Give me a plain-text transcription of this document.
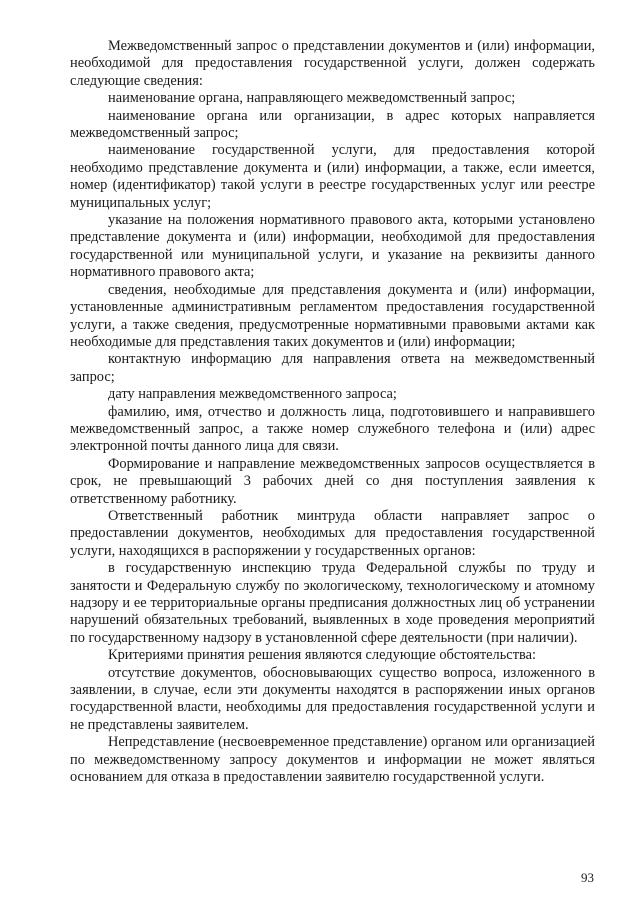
Межведомственный запрос о представлении документов и (или) информации, необходимой для предоставления государственной услуги, должен содержать следующие сведения:

наименование органа, направляющего межведомственный запрос;

наименование органа или организации, в адрес которых направляется межведомственный запрос;

наименование государственной услуги, для предоставления которой необходимо представление документа и (или) информации, а также, если имеется, номер (идентификатор) такой услуги в реестре государственных услуг или реестре муниципальных услуг;

указание на положения нормативного правового акта, которыми установлено представление документа и (или) информации, необходимой для предоставления государственной или муниципальной услуги, и указание на реквизиты данного нормативного правового акта;

сведения, необходимые для представления документа и (или) информации, установленные административным регламентом предоставления государственной услуги, а также сведения, предусмотренные нормативными правовыми актами как необходимые для представления таких документов и (или) информации;

контактную информацию для направления ответа на межведомственный запрос;

дату направления межведомственного запроса;

фамилию, имя, отчество и должность лица, подготовившего и направившего межведомственный запрос, а также номер служебного телефона и (или) адрес электронной почты данного лица для связи.

Формирование и направление межведомственных запросов осуществляется в срок, не превышающий 3 рабочих дней со дня поступления заявления к ответственному работнику.

Ответственный работник минтруда области направляет запрос о предоставлении документов, необходимых для предоставления государственной услуги, находящихся в распоряжении у государственных органов:

в государственную инспекцию труда Федеральной службы по труду и занятости и Федеральную службу по экологическому, технологическому и атомному надзору и ее территориальные органы предписания должностных лиц об устранении нарушений обязательных требований, выявленных в ходе проведения мероприятий по государственному надзору в установленной сфере деятельности (при наличии).

Критериями принятия решения являются следующие обстоятельства:

отсутствие документов, обосновывающих существо вопроса, изложенного в заявлении, в случае, если эти документы находятся в распоряжении иных органов государственной власти, необходимы для предоставления государственной услуги и не представлены заявителем.

Непредставление (несвоевременное представление) органом или организацией по межведомственному запросу документов и информации не может являться основанием для отказа в предоставлении заявителю государственной услуги.

93
